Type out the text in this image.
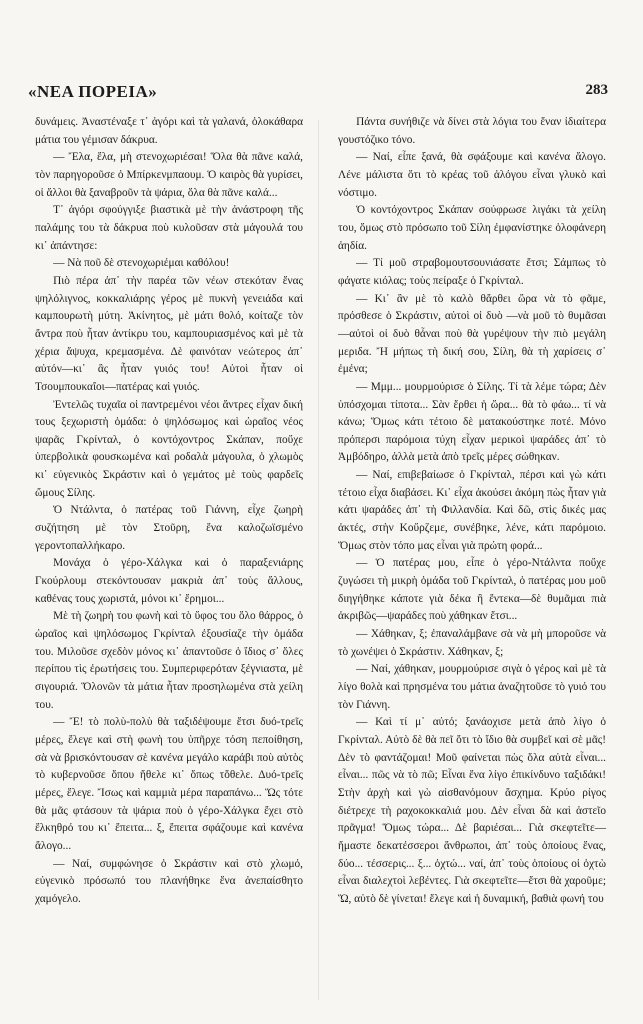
«ΝΕΑ ΠΟΡΕΙΑ»	283

δυνάμεις. Ἀναστέναξε τ᾿ ἀγόρι καὶ τὰ γαλανά, ὁλοκάθαρα μάτια του γέμισαν δάκρυα.

— Ἔλα, ἔλα, μὴ στενοχωριέσαι! Ὅλα θὰ πᾶνε καλά, τὸν παρηγοροῦσε ὁ Μπίρκενμπαουμ. Ὁ καιρὸς θὰ γυρίσει, οἱ ἄλλοι θὰ ξαναβροῦν τὰ ψάρια, ὅλα θὰ πᾶνε καλά...

Τ᾿ ἀγόρι σφούγγιξε βιαστικὰ μὲ τὴν ἀνάστροφη τῆς παλάμης του τὰ δάκρυα ποὺ κυλοῦσαν στὰ μάγουλά του κι᾿ ἀπάντησε:

— Νὰ ποῦ δὲ στενοχωριέμαι καθόλου!

Πιὸ πέρα ἀπ᾿ τὴν παρέα τῶν νέων στεκόταν ἕνας ψηλόλιγνος, κοκκαλιάρης γέρος μὲ πυκνὴ γενειάδα καὶ καμπουρωτὴ μύτη. Ἀκίνητος, μὲ μάτι θολό, κοίταζε τὸν ἄντρα ποὺ ἦταν ἀντίκρυ του, καμπουριασμένος καὶ μὲ τὰ χέρια ἄψυχα, κρεμασμένα. Δὲ φαινόταν νεώτερος ἀπ᾿ αὐτόν—κι᾿ ἂς ἦταν γυιός του! Αὐτοὶ ἦταν οἱ Τσουμπουκαΐοι—πατέρας καὶ γυιός.

Ἐντελῶς τυχαῖα οἱ παντρεμένοι νέοι ἄντρες εἶχαν δική τους ξεχωριστὴ ὁμάδα: ὁ ψηλόσωμος καὶ ὡραῖος νέος ψαρᾶς Γκρίνταλ, ὁ κοντόχοντρος Σκάπαν, ποὔχε ὑπερβολικὰ φουσκωμένα καὶ ροδαλὰ μάγουλα, ὁ χλωμὸς κι᾿ εὐγενικὸς Σκράστιν καὶ ὁ γεμάτος μὲ τοὺς φαρδεῖς ὤμους Σίλης.

Ὁ Ντάλντα, ὁ πατέρας τοῦ Γιάννη, εἶχε ζωηρὴ συζήτηση μὲ τὸν Στοῦρη, ἕνα καλοζωϊσμένο γεροντοπαλλήκαρο.

Μονάχα ὁ γέρο-Χάλγκα καὶ ὁ παραξενιάρης Γκούρλουμ στεκόντουσαν μακριὰ ἀπ᾿ τοὺς ἄλλους, καθένας τους χωριστά, μόνοι κι᾿ ἔρημοι...

Μὲ τὴ ζωηρὴ του φωνὴ καὶ τὸ ὕφος του ὅλο θάρρος, ὁ ὡραῖος καὶ ψηλόσωμος Γκρίνταλ ἐξουσίαζε τὴν ὁμάδα του. Μιλοῦσε σχεδὸν μόνος κι᾿ ἀπαντοῦσε ὁ ἴδιος σ᾿ ὅλες περίπου τὶς ἐρωτήσεις του. Συμπεριφερόταν ξέγνιαστα, μὲ σιγουριά. Ὅλονῶν τὰ μάτια ἦταν προσηλωμένα στὰ χείλη του.

— Ἔ! τὸ πολὺ-πολὺ θὰ ταξιδέψουμε ἔτσι δυό-τρεῖς μέρες, ἔλεγε καὶ στὴ φωνὴ του ὑπῆρχε τόση πεποίθηση, σὰ νὰ βρισκόντουσαν σὲ κανένα μεγάλο καράβι ποὺ αὐτὸς τὸ κυβερνοῦσε ὅπου ἤθελε κι᾿ ὅπως τὄθελε. Δυό-τρεῖς μέρες, ἔλεγε. Ἴσως καὶ καμμιὰ μέρα παραπάνω... Ὥς τότε θὰ μᾶς φτάσουν τὰ ψάρια ποὺ ὁ γέρο-Χάλγκα ἔχει στὸ ἔλκηθρό του κι᾿ ἔπειτα... ξ, ἔπειτα σφάζουμε καὶ κανένα ἄλογο...

— Ναί, συμφώνησε ὁ Σκράστιν καὶ στὸ χλωμό, εὐγενικὸ πρόσωπό του πλανήθηκε ἕνα ἀνεπαίσθητο χαμόγελο.

Πάντα συνήθιζε νὰ δίνει στὰ λόγια του ἕναν ἰδιαίτερα γουστόζικο τόνο.

— Ναί, εἶπε ξανά, θὰ σφάξουμε καὶ κανένα ἄλογο. Λένε μάλιστα ὅτι τὸ κρέας τοῦ ἀλόγου εἶναι γλυκὸ καὶ νόστιμο.

Ὁ κοντόχοντρος Σκάπαν σούφρωσε λιγάκι τὰ χείλη του, ὅμως στὸ πρόσωπο τοῦ Σίλη ἐμφανίστηκε ὁλοφάνερη ἀηδία.

— Τί μοῦ στραβομουτσουνιάσατε ἔτσι; Σάμπως τὸ φάγατε κιόλας; τοὺς πείραξε ὁ Γκρίνταλ.

— Κι᾿ ἂν μὲ τὸ καλὸ θἄρθει ὥρα νὰ τὸ φᾶμε, πρόσθεσε ὁ Σκράστιν, αὐτοὶ οἱ δυὸ —νὰ μοῦ τὸ θυμᾶσαι—αὐτοὶ οἱ δυὸ θἆναι ποὺ θὰ γυρέψουν τὴν πιὸ μεγάλη μεριδα. Ἤ μήπως τὴ δική σου, Σίλη, θὰ τὴ χαρίσεις σ᾿ ἐμένα;

— Μμμ... μουρμούρισε ὁ Σίλης. Τί τὰ λέμε τώρα; Δὲν ὑπόσχομαι τίποτα... Σὰν ἔρθει ἡ ὥρα... θὰ τὸ φάω... τί νὰ κάνω; Ὅμως κάτι τέτοιο δὲ ματακούστηκε ποτέ. Μόνο πρόπερσι παρόμοια τύχη εἶχαν μερικοὶ ψαράδες ἀπ᾿ τὸ Ἀμβόδηρο, ἀλλὰ μετὰ ἀπὸ τρεῖς μέρες σώθηκαν.

— Ναί, επιβεβαίωσε ὁ Γκρίνταλ, πέρσι καὶ γὼ κάτι τέτοιο εἶχα διαβάσει. Κι᾿ εἶχα ἀκούσει ἀκόμη πὼς ἦταν γιὰ κάτι ψαράδες ἀπ᾿ τὴ Φιλλανδία. Καὶ δῶ, στὶς δικές μας ἀκτές, στὴν Κοὔρζεμε, συνέβηκε, λένε, κάτι παρόμοιο. Ὅμως στὸν τόπο μας εἶναι γιὰ πρώτη φορά...

— Ὁ πατέρας μου, εἶπε ὁ γέρο-Ντάλντα ποὔχε ζυγώσει τὴ μικρὴ ὁμάδα τοῦ Γκρίνταλ, ὁ πατέρας μου μοῦ διηγήθηκε κάποτε γιὰ δέκα ἢ ἔντεκα—δὲ θυμᾶμαι πιὰ ἀκριβῶς—ψαράδες ποὺ χάθηκαν ἔτσι...

— Χάθηκαν, ξ; ἐπαναλάμβανε σὰ νὰ μὴ μποροῦσε νὰ τὸ χωνέψει ὁ Σκράστιν. Χάθηκαν, ξ;

— Ναί, χάθηκαν, μουρμούρισε σιγὰ ὁ γέρος καὶ μὲ τὰ λίγο θολὰ καὶ πρησμένα του μάτια ἀναζητοῦσε τὸ γυιό του τὸν Γιάννη.

— Καὶ τί μ᾿ αὐτό; ξανάοχισε μετὰ ἀπὸ λίγο ὁ Γκρίνταλ. Αὐτὸ δὲ θὰ πεῖ ὅτι τὸ ἴδιο θὰ συμβεῖ καὶ σὲ μᾶς! Δὲν τὸ φαντάζομαι! Μοῦ φαίνεται πὼς ὅλα αὐτὰ εἶναι... εἶναι... πῶς νὰ τὸ πῶ; Εἶναι ἕνα λίγο ἐπικίνδυνο ταξιδάκι! Στὴν ἀρχὴ καὶ γὼ αἰσθανόμουν ἄσχημα. Κρύο ρίγος διέτρεχε τὴ ραχοκοκκαλιά μου. Δὲν εἶναι δὰ καὶ ἀστεῖο πρᾶγμα! Ὅμως τώρα... Δὲ βαριέσαι... Γιὰ σκεφτεῖτε—ἤμαστε δεκατέσσεροι ἄνθρωποι, ἀπ᾿ τοὺς ὁποίους ἕνας, δύο... τέσσερις... ξ... ὀχτώ... ναί, ἀπ᾿ τοὺς ὁποίους οἱ ὀχτὼ εἶναι διαλεχτοὶ λεβέντες. Γιὰ σκεφτεῖτε—ἔτσι θὰ χαροῦμε; Ὥ, αὐτὸ δὲ γίνεται! ἔλεγε καὶ ἡ δυναμική, βαθιὰ φωνή του
